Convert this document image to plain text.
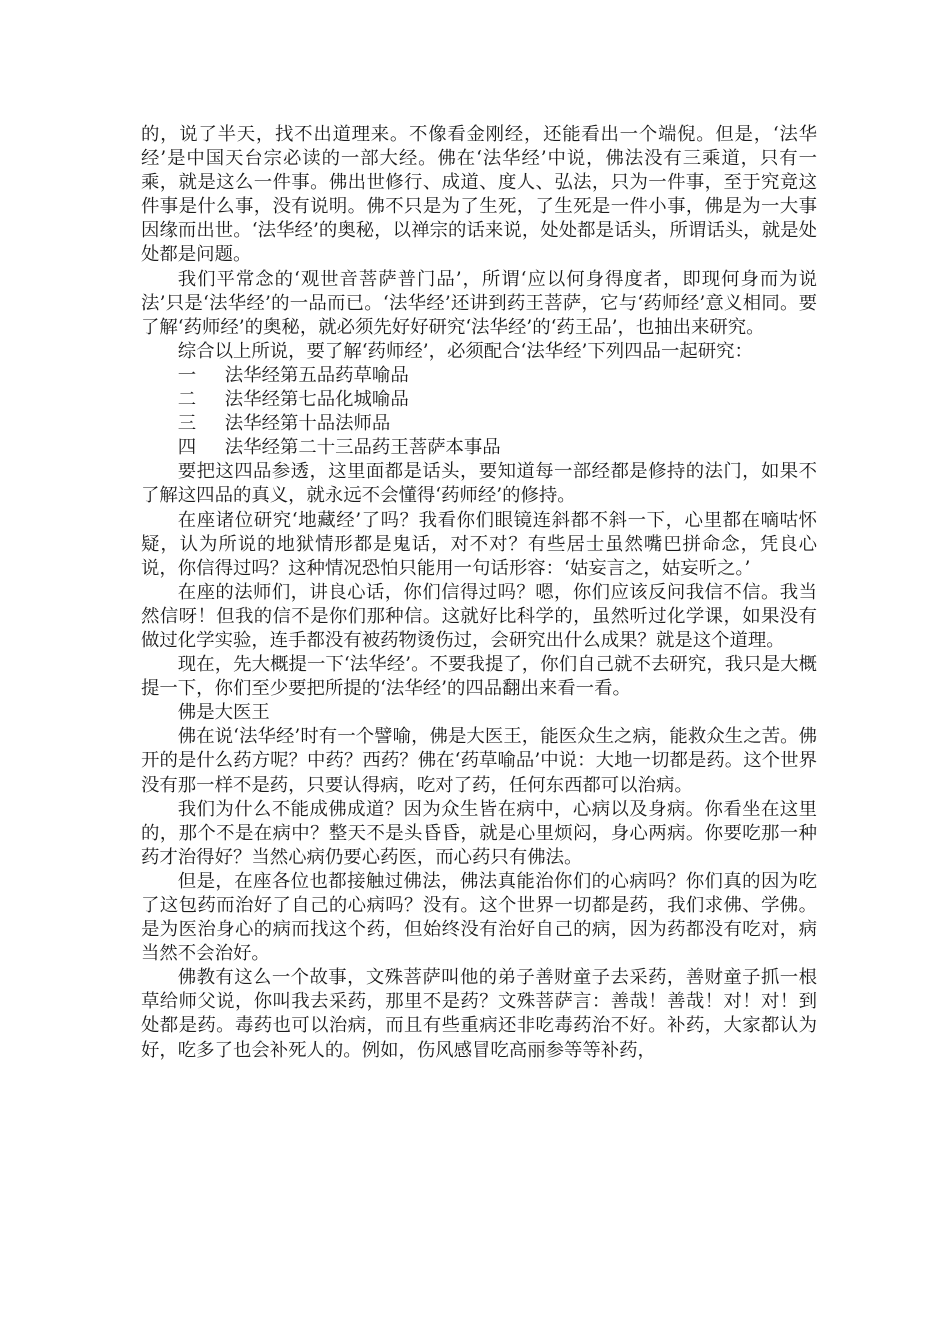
的，说了半天，找不出道理来。不像看金刚经，还能看出一个端倪。但是，‘法华经’是中国天台宗必读的一部大经。佛在‘法华经’中说，佛法没有三乘道，只有一乘，就是这么一件事。佛出世修行、成道、度人、弘法，只为一件事，至于究竟这件事是什么事，没有说明。佛不只是为了生死，了生死是一件小事，佛是为一大事因缘而出世。‘法华经’的奥秘，以禅宗的话来说，处处都是话头，所谓话头，就是处处都是问题。

我们平常念的‘观世音菩萨普门品’，所谓‘应以何身得度者，即现何身而为说法’只是‘法华经’的一品而已。‘法华经’还讲到药王菩萨，它与‘药师经’意义相同。要了解‘药师经’的奥秘，就必须先好好研究‘法华经’的‘药王品’，也抽出来研究。

综合以上所说，要了解‘药师经’，必须配合‘法华经’下列四品一起研究：

一 法华经第五品药草喻品

二 法华经第七品化城喻品

三 法华经第十品法师品

四 法华经第二十三品药王菩萨本事品

要把这四品参透，这里面都是话头，要知道每一部经都是修持的法门，如果不了解这四品的真义，就永远不会懂得‘药师经’的修持。

在座诸位研究‘地藏经’了吗？我看你们眼镜连斜都不斜一下，心里都在嘀咕怀疑，认为所说的地狱情形都是鬼话，对不对？有些居士虽然嘴巴拼命念，凭良心说，你信得过吗？这种情况恐怕只能用一句话形容：‘姑妄言之，姑妄听之。’

在座的法师们，讲良心话，你们信得过吗？嗯，你们应该反问我信不信。我当然信呀！但我的信不是你们那种信。这就好比科学的，虽然听过化学课，如果没有做过化学实验，连手都没有被药物烫伤过，会研究出什么成果？就是这个道理。

现在，先大概提一下‘法华经’。不要我提了，你们自己就不去研究，我只是大概提一下，你们至少要把所提的‘法华经’的四品翻出来看一看。

佛是大医王

佛在说‘法华经’时有一个譬喻，佛是大医王，能医众生之病，能救众生之苦。佛开的是什么药方呢？中药？西药？佛在‘药草喻品’中说：大地一切都是药。这个世界没有那一样不是药，只要认得病，吃对了药，任何东西都可以治病。

我们为什么不能成佛成道？因为众生皆在病中，心病以及身病。你看坐在这里的，那个不是在病中？整天不是头昏昏，就是心里烦闷，身心两病。你要吃那一种药才治得好？当然心病仍要心药医，而心药只有佛法。

但是，在座各位也都接触过佛法，佛法真能治你们的心病吗？你们真的因为吃了这包药而治好了自己的心病吗？没有。这个世界一切都是药，我们求佛、学佛。是为医治身心的病而找这个药，但始终没有治好自己的病，因为药都没有吃对，病当然不会治好。

佛教有这么一个故事，文殊菩萨叫他的弟子善财童子去采药，善财童子抓一根草给师父说，你叫我去采药，那里不是药？文殊菩萨言：善哉！善哉！对！对！到处都是药。毒药也可以治病，而且有些重病还非吃毒药治不好。补药，大家都认为好，吃多了也会补死人的。例如，伤风感冒吃高丽参等等补药，
